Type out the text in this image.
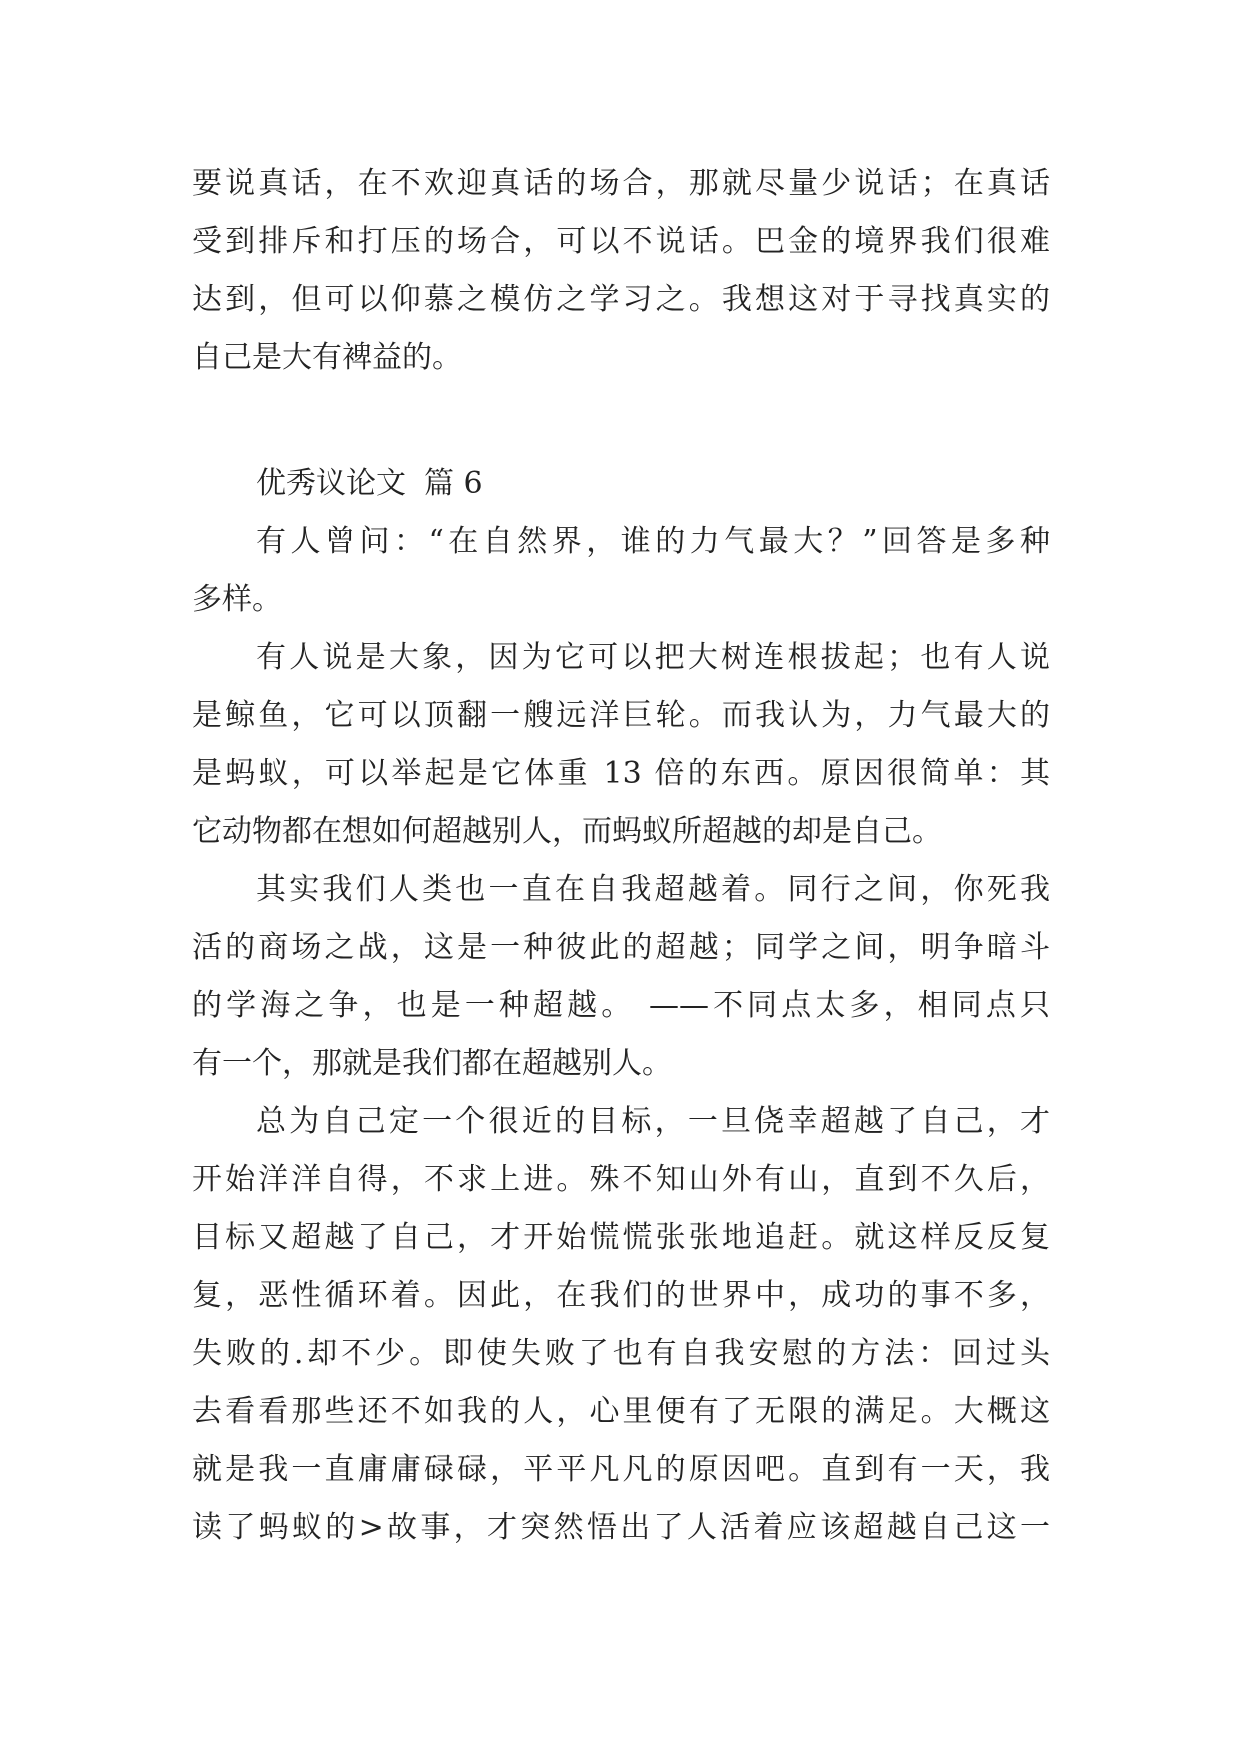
要说真话，在不欢迎真话的场合，那就尽量少说话；在真话
受到排斥和打压的场合，可以不说话。巴金的境界我们很难
达到，但可以仰慕之模仿之学习之。我想这对于寻找真实的
自己是大有裨益的。
优秀议论文 篇 6
有人曾问：“在自然界，谁的力气最大？”回答是多种
多样。
有人说是大象，因为它可以把大树连根拔起；也有人说
是鲸鱼，它可以顶翻一艘远洋巨轮。而我认为，力气最大的
是蚂蚁，可以举起是它体重 13 倍的东西。原因很简单：其
它动物都在想如何超越别人，而蚂蚁所超越的却是自己。
其实我们人类也一直在自我超越着。同行之间，你死我
活的商场之战，这是一种彼此的超越；同学之间，明争暗斗
的学海之争，也是一种超越。 ——不同点太多，相同点只
有一个，那就是我们都在超越别人。
总为自己定一个很近的目标，一旦侥幸超越了自己，才
开始洋洋自得，不求上进。殊不知山外有山，直到不久后，
目标又超越了自己，才开始慌慌张张地追赶。就这样反反复
复，恶性循环着。因此，在我们的世界中，成功的事不多，
失败的.却不少。即使失败了也有自我安慰的方法：回过头
去看看那些还不如我的人，心里便有了无限的满足。大概这
就是我一直庸庸碌碌，平平凡凡的原因吧。直到有一天，我
读了蚂蚁的>故事，才突然悟出了人活着应该超越自己这一
